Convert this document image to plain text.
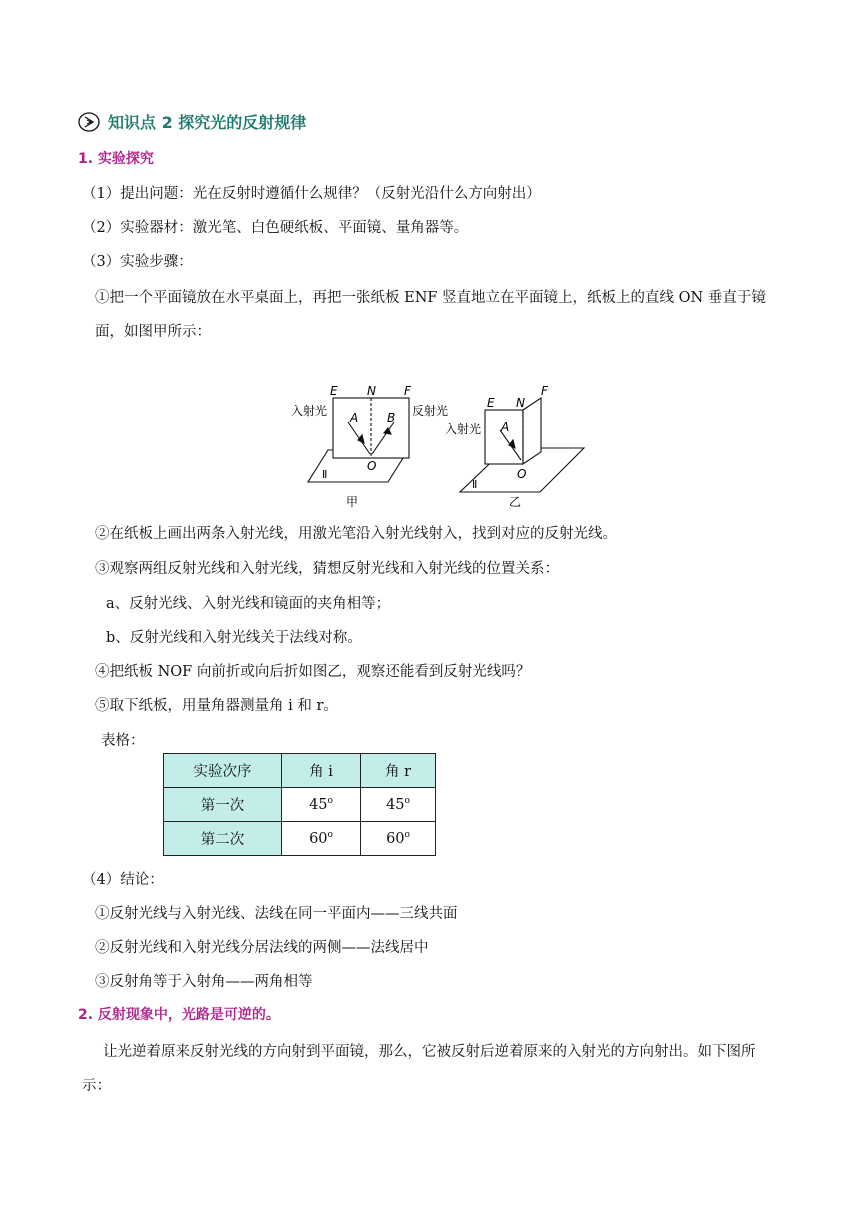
知识点 2 探究光的反射规律
1. 实验探究
（1）提出问题：光在反射时遵循什么规律？（反射光沿什么方向射出）
（2）实验器材：激光笔、白色硬纸板、平面镜、量角器等。
（3）实验步骤：
①把一个平面镜放在水平桌面上，再把一张纸板 ENF 竖直地立在平面镜上，纸板上的直线 ON 垂直于镜
面，如图甲所示：
E N F
A B
O
Ⅱ
入射光	反射光
甲
E N
F
A
O
Ⅱ
入射光
乙
②在纸板上画出两条入射光线，用激光笔沿入射光线射入，找到对应的反射光线。
③观察两组反射光线和入射光线，猜想反射光线和入射光线的位置关系：
a、反射光线、入射光线和镜面的夹角相等；
b、反射光线和入射光线关于法线对称。
④把纸板 NOF 向前折或向后折如图乙，观察还能看到反射光线吗？
⑤取下纸板，用量角器测量角 i 和 r。
表格：
实验次序	角 i	角 r
第一次	45$^o$	45$^o$
第二次	60$^o$	60$^o$
（4）结论：
①反射光线与入射光线、法线在同一平面内——三线共面
②反射光线和入射光线分居法线的两侧——法线居中
③反射角等于入射角——两角相等
2. 反射现象中，光路是可逆的。
让光逆着原来反射光线的方向射到平面镜，那么，它被反射后逆着原来的入射光的方向射出。如下图所
示：
